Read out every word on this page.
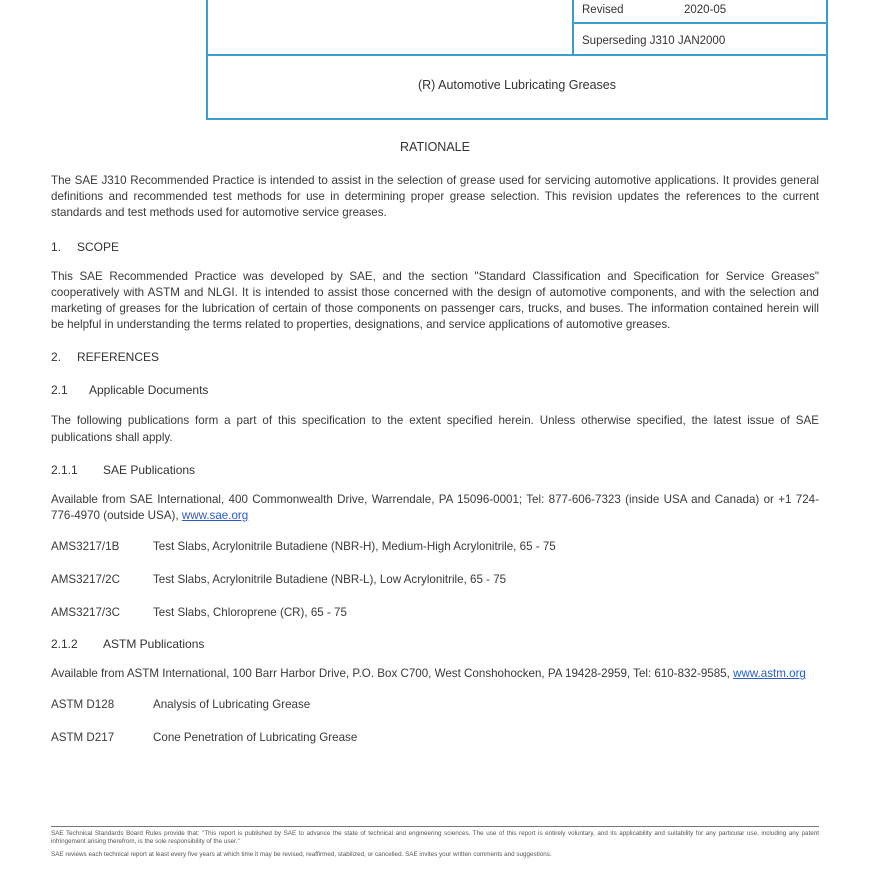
Revised	2020-05
Superseding J310 JAN2000
(R) Automotive Lubricating Greases
RATIONALE

The SAE J310 Recommended Practice is intended to assist in the selection of grease used for servicing automotive applications. It provides general definitions and recommended test methods for use in determining proper grease selection. This revision updates the references to the current standards and test methods used for automotive service greases.

1. SCOPE

This SAE Recommended Practice was developed by SAE, and the section "Standard Classification and Specification for Service Greases" cooperatively with ASTM and NLGI. It is intended to assist those concerned with the design of automotive components, and with the selection and marketing of greases for the lubrication of certain of those components on passenger cars, trucks, and buses. The information contained herein will be helpful in understanding the terms related to properties, designations, and service applications of automotive greases.

2. REFERENCES
2.1 Applicable Documents

The following publications form a part of this specification to the extent specified herein. Unless otherwise specified, the latest issue of SAE publications shall apply.

2.1.1 SAE Publications

Available from SAE International, 400 Commonwealth Drive, Warrendale, PA 15096-0001; Tel: 877-606-7323 (inside USA and Canada) or +1 724-776-4970 (outside USA), www.sae.org

AMS3217/1B	Test Slabs, Acrylonitrile Butadiene (NBR-H), Medium-High Acrylonitrile, 65 - 75
AMS3217/2C	Test Slabs, Acrylonitrile Butadiene (NBR-L), Low Acrylonitrile, 65 - 75
AMS3217/3C	Test Slabs, Chloroprene (CR), 65 - 75
2.1.2 ASTM Publications

Available from ASTM International, 100 Barr Harbor Drive, P.O. Box C700, West Conshohocken, PA 19428-2959, Tel: 610-832-9585, www.astm.org

ASTM D128	Analysis of Lubricating Grease
ASTM D217	Cone Penetration of Lubricating Grease

SAE Technical Standards Board Rules provide that: "This report is published by SAE to advance the state of technical and engineering sciences. The use of this report is entirely voluntary, and its applicability and suitability for any particular use, including any patent infringement arising therefrom, is the sole responsibility of the user."

SAE reviews each technical report at least every five years at which time it may be revised, reaffirmed, stabilized, or cancelled. SAE invites your written comments and suggestions.
